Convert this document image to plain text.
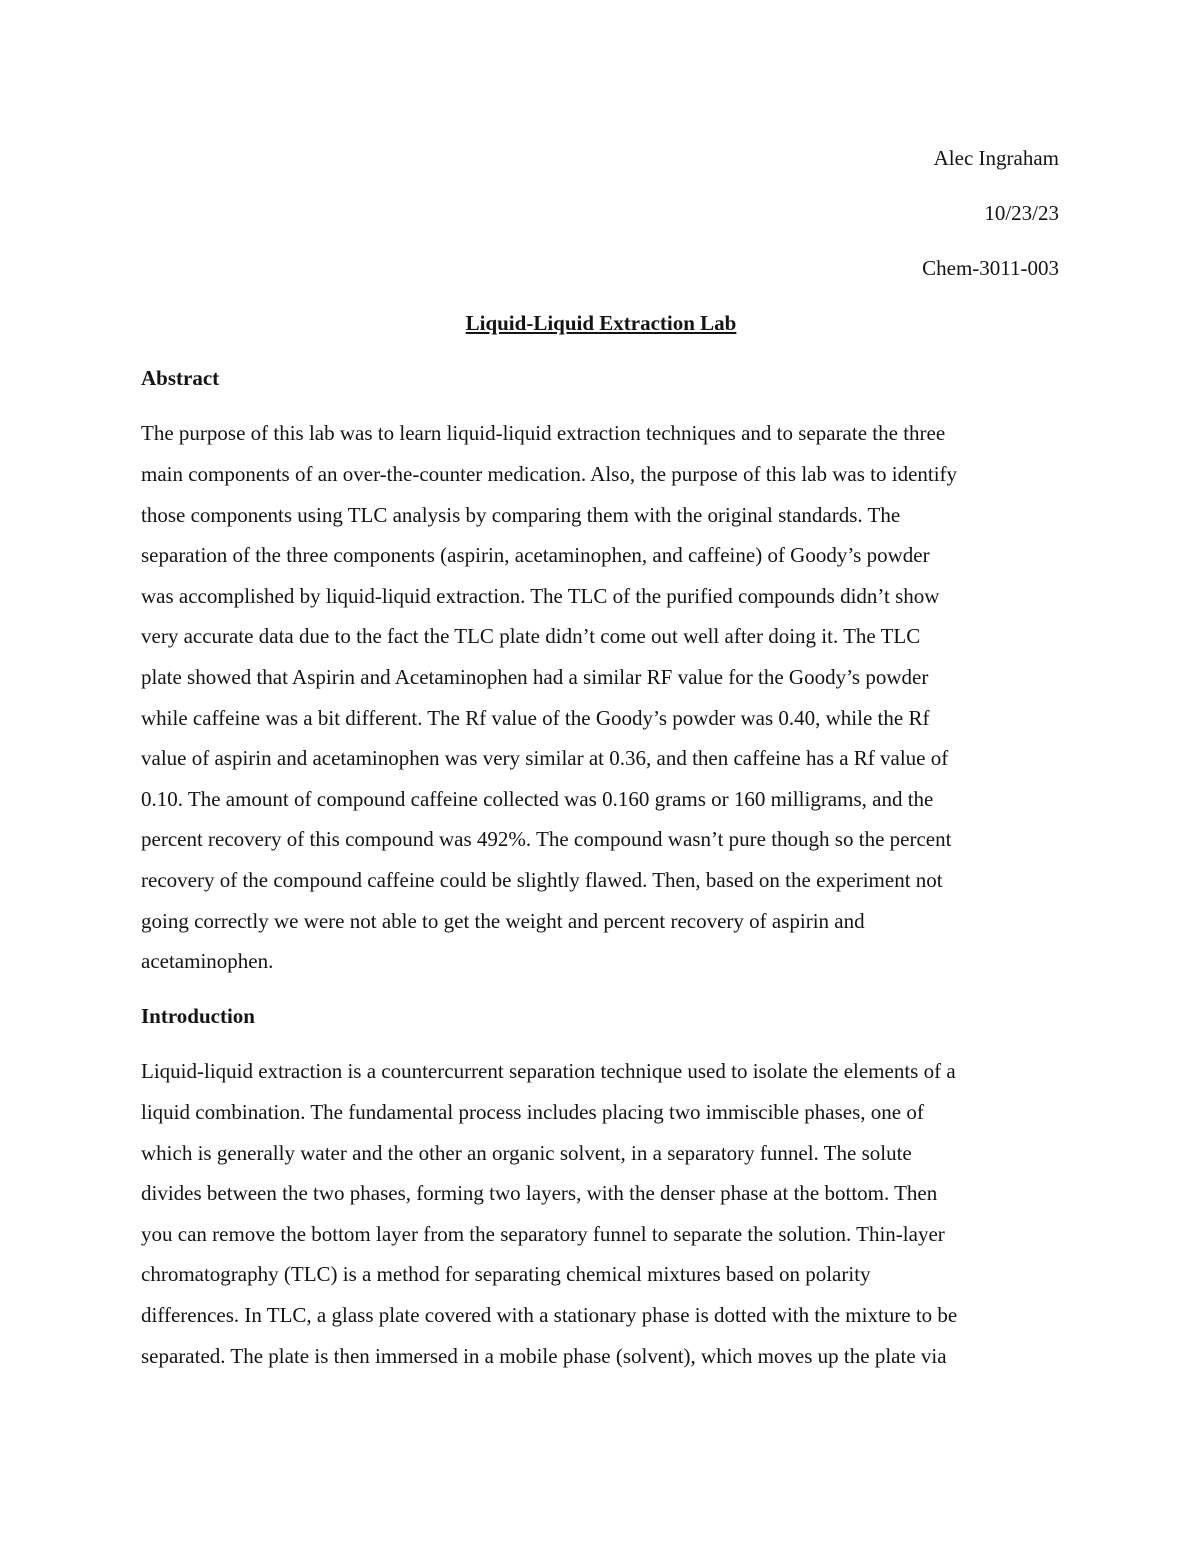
Alec Ingraham
10/23/23
Chem-3011-003
Liquid-Liquid Extraction Lab
Abstract
The purpose of this lab was to learn liquid-liquid extraction techniques and to separate the three
main components of an over-the-counter medication. Also, the purpose of this lab was to identify
those components using TLC analysis by comparing them with the original standards. The
separation of the three components (aspirin, acetaminophen, and caffeine) of Goody’s powder
was accomplished by liquid-liquid extraction. The TLC of the purified compounds didn’t show
very accurate data due to the fact the TLC plate didn’t come out well after doing it. The TLC
plate showed that Aspirin and Acetaminophen had a similar RF value for the Goody’s powder
while caffeine was a bit different. The Rf value of the Goody’s powder was 0.40, while the Rf
value of aspirin and acetaminophen was very similar at 0.36, and then caffeine has a Rf value of
0.10. The amount of compound caffeine collected was 0.160 grams or 160 milligrams, and the
percent recovery of this compound was 492%. The compound wasn’t pure though so the percent
recovery of the compound caffeine could be slightly flawed. Then, based on the experiment not
going correctly we were not able to get the weight and percent recovery of aspirin and
acetaminophen.
Introduction
Liquid-liquid extraction is a countercurrent separation technique used to isolate the elements of a
liquid combination. The fundamental process includes placing two immiscible phases, one of
which is generally water and the other an organic solvent, in a separatory funnel. The solute
divides between the two phases, forming two layers, with the denser phase at the bottom. Then
you can remove the bottom layer from the separatory funnel to separate the solution. Thin-layer
chromatography (TLC) is a method for separating chemical mixtures based on polarity
differences. In TLC, a glass plate covered with a stationary phase is dotted with the mixture to be
separated. The plate is then immersed in a mobile phase (solvent), which moves up the plate via
